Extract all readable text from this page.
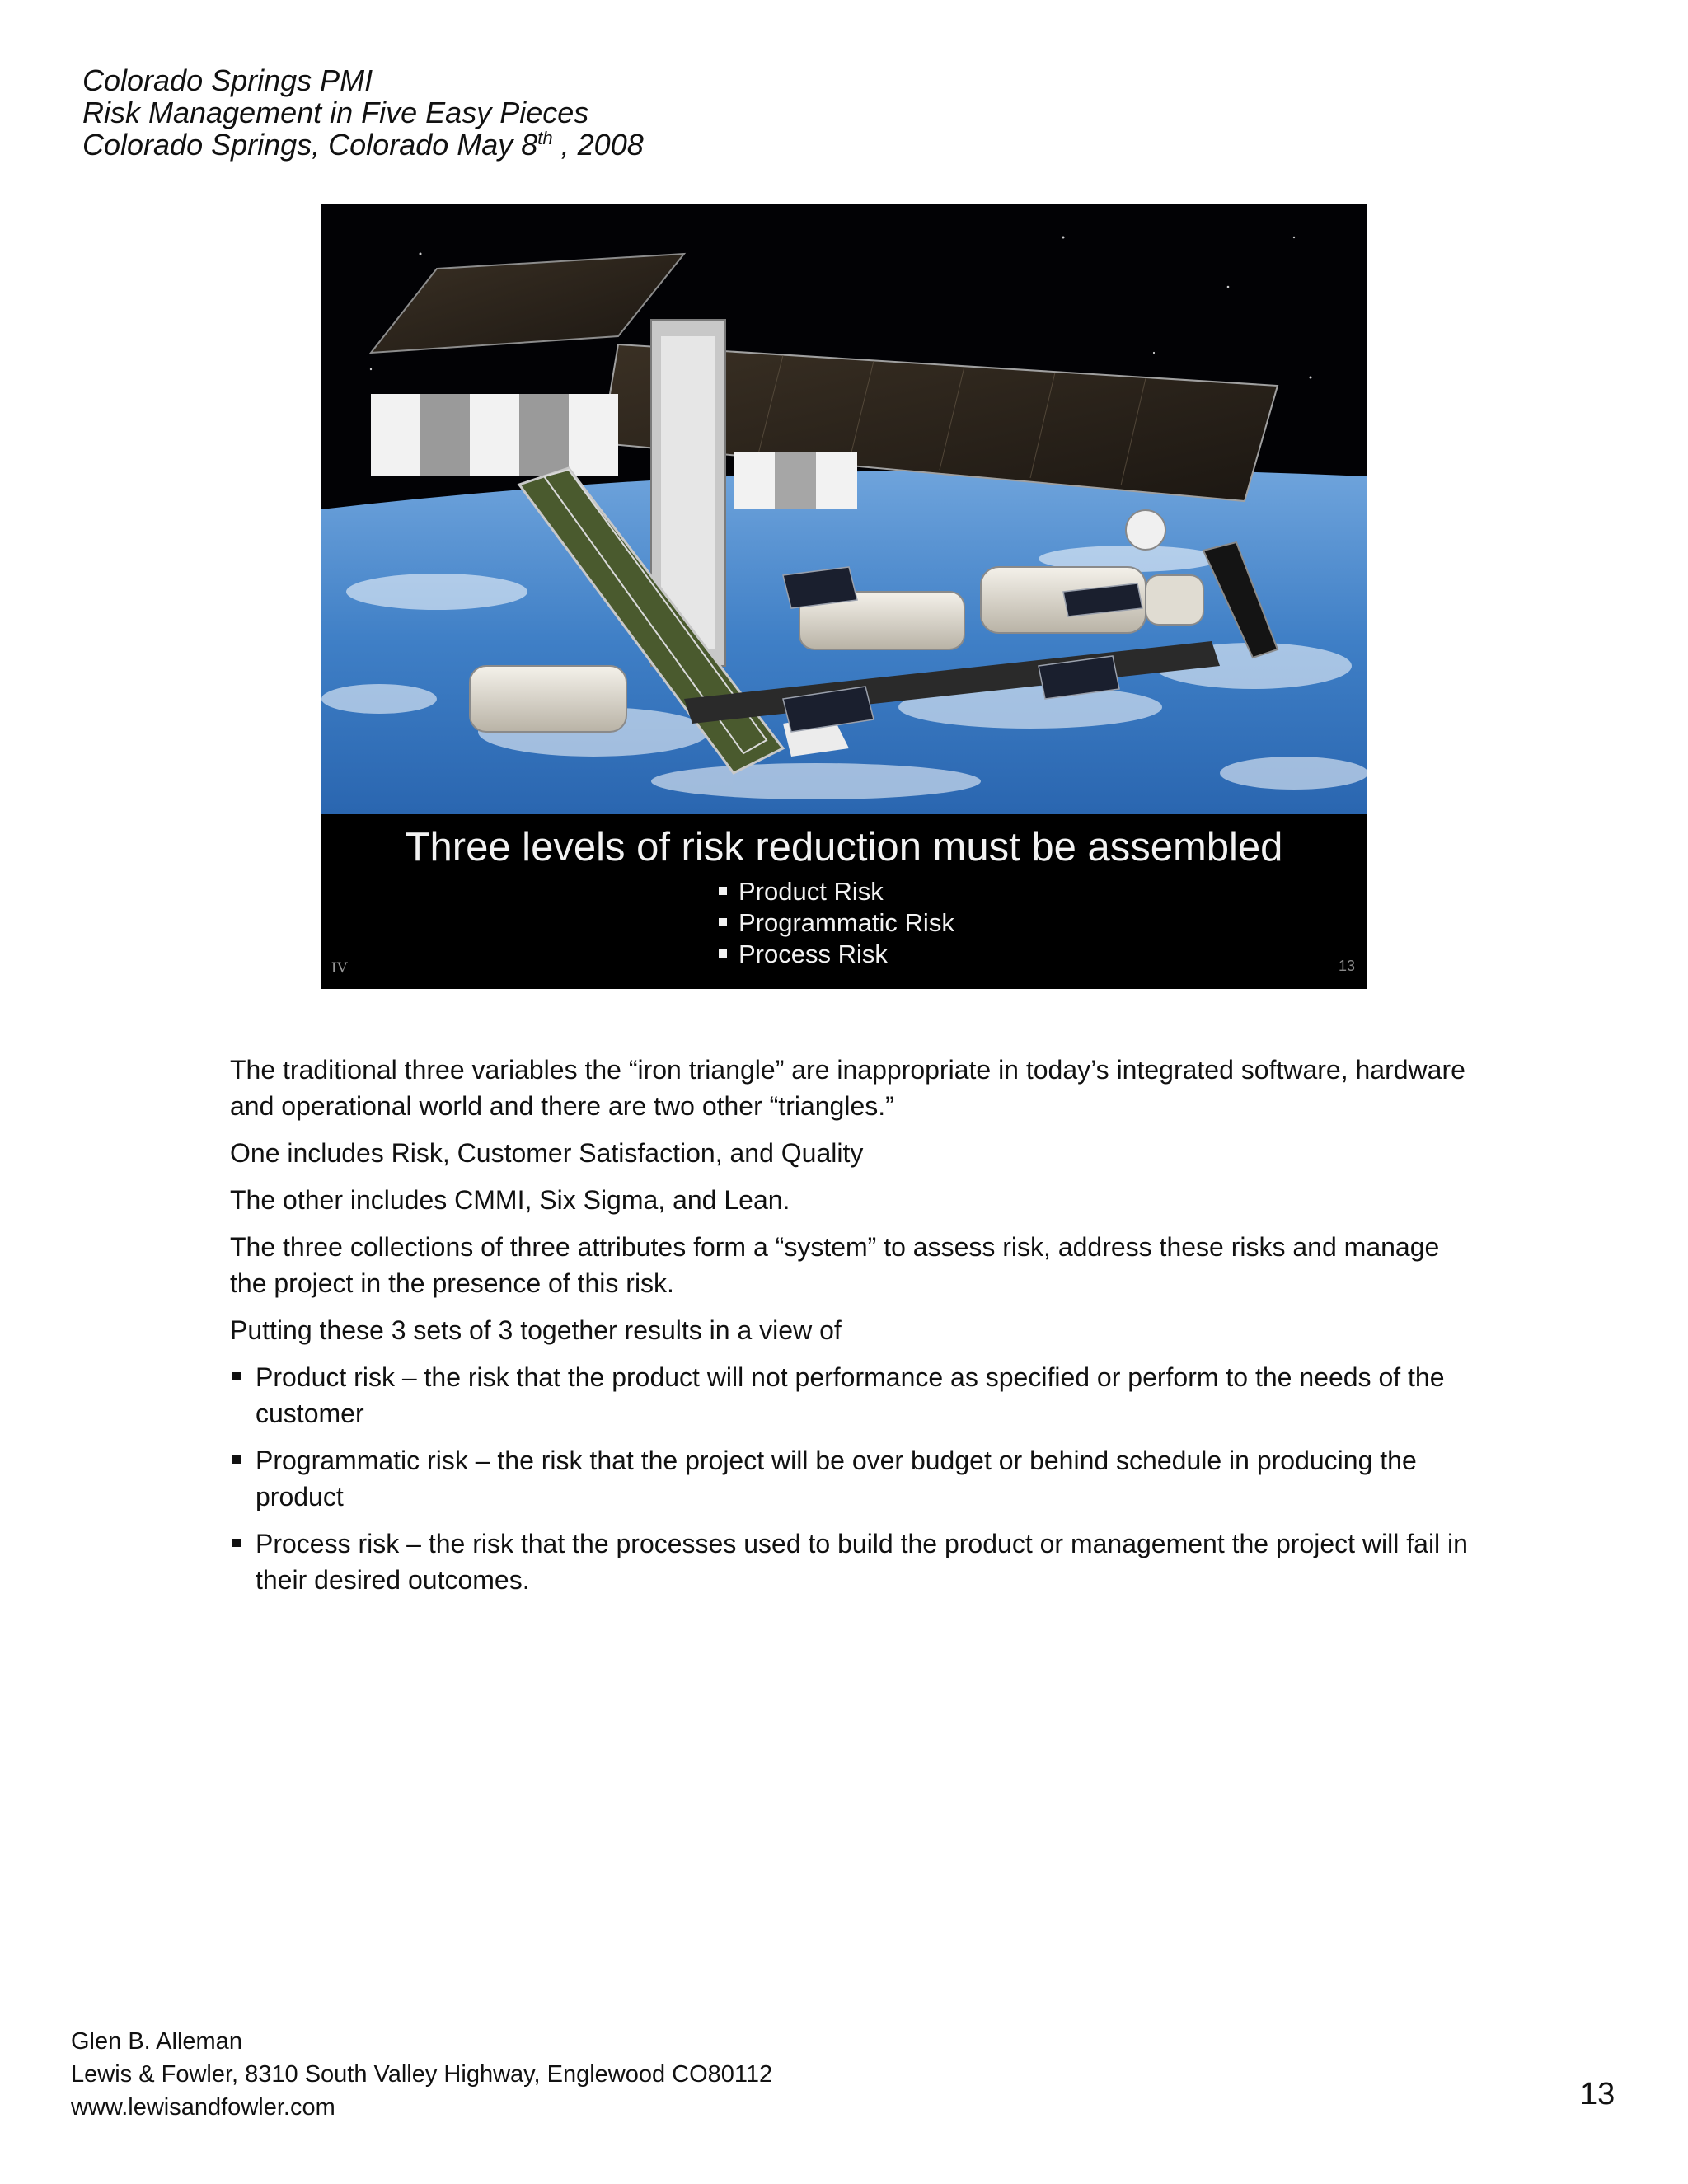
Colorado Springs PMI
Risk Management in Five Easy Pieces
Colorado Springs, Colorado May 8th , 2008
Three levels of risk reduction must be assembled
Product Risk
Programmatic Risk
Process Risk
IV	13

The traditional three variables the “iron triangle” are inappropriate in today’s integrated software, hardware and operational world and there are two other “triangles.”

One includes Risk, Customer Satisfaction, and Quality

The other includes CMMI, Six Sigma, and Lean.

The three collections of three attributes form a “system” to assess risk, address these risks and manage the project in the presence of this risk.

Putting these 3 sets of 3 together results in a view of

Product risk – the risk that the product will not performance as specified or perform to the needs of the customer
Programmatic risk – the risk that the project will be over budget or behind schedule in producing the product
Process risk – the risk that the processes used to build the product or management the project will fail in their desired outcomes.
Glen B. Alleman
Lewis & Fowler, 8310 South Valley Highway, Englewood CO80112
www.lewisandfowler.com	13
